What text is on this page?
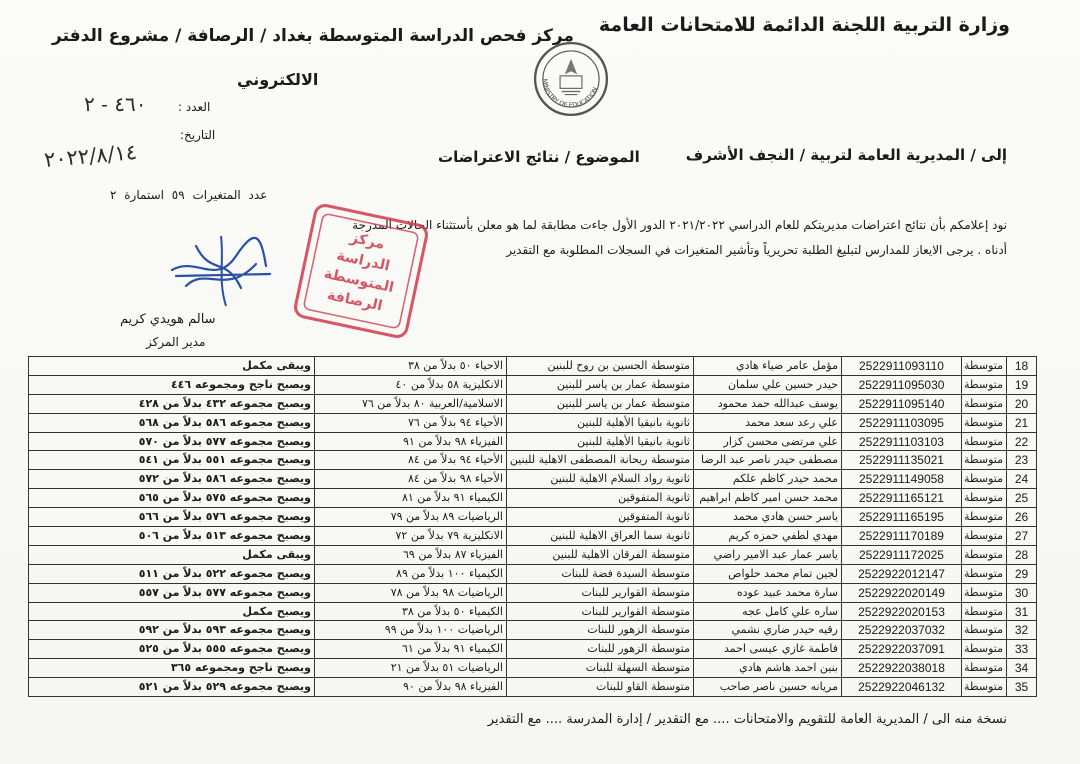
وزارة التربية اللجنة الدائمة للامتحانات العامة
مركز فحص الدراسة المتوسطة بغداد / الرصافة / مشروع الدفتر
الالكتروني	MINISTRY OF EDUCATION
العدد :
٤٦٠ - ٢
التاريخ:
٢٠٢٢/٨/١٤	إلى / المديرية العامة لتربية / النجف الأشرف
الموضوع / نتائج الاعتراضات
عدد المتغيرات ٥٩ استمارة ٢
نود إعلامكم بأن نتائج اعتراضات مديريتكم للعام الدراسي ٢٠٢١/٢٠٢٢ الدور الأول جاءت مطابقة لما هو معلن بأستثناء الحالات المدرجة
أدناه . يرجى الايعاز للمدارس لتبليغ الطلبة تحريرياً وتأشير المتغيرات في السجلات المطلوبة مع التقدير
مركز الدراسة المتوسطة الرصافة
سالم هويدي كريم
مدير المركز
18	متوسطة	2522911093110	مؤمل عامر ضياء هادي	متوسطة الحسين بن روح للبنين	الاحياء ٥٠ بدلاً من ٣٨	ويبقى مكمل
19	متوسطة	2522911095030	حيدر حسين علي سلمان	متوسطة عمار بن ياسر للبنين	الانكليزية ٥٨ بدلاً من ٤٠	ويصبح ناجح ومجموعه ٤٤٦
20	متوسطة	2522911095140	يوسف عبدالله حمد محمود	متوسطة عمار بن ياسر للبنين	الاسلامية/العربية ٨٠ بدلاً من ٧٦	ويصبح مجموعه ٤٣٢ بدلاً من ٤٢٨
21	متوسطة	2522911103095	علي رعد سعد محمد	ثانوية بانيقيا الأهلية للبنين	الأحياء ٩٤ بدلاً من ٧٦	ويصبح مجموعه ٥٨٦ بدلاً من ٥٦٨
22	متوسطة	2522911103103	علي مرتضى محسن كزار	ثانوية بانيقيا الأهلية للبنين	الفيزياء ٩٨ بدلاً من ٩١	ويصبح مجموعه ٥٧٧ بدلاً من ٥٧٠
23	متوسطة	2522911135021	مصطفى حيدر ناصر عبد الرضا	متوسطة ريحانة المصطفى الاهلية للبنين	الأحياء ٩٤ بدلاً من ٨٤	ويصبح مجموعه ٥٥١ بدلاً من ٥٤١
24	متوسطة	2522911149058	محمد حيدر كاظم علكم	ثانوية رواد السلام الاهلية للبنين	الأحياء ٩٨ بدلاً من ٨٤	ويصبح مجموعه ٥٨٦ بدلاً من ٥٧٢
25	متوسطة	2522911165121	محمد حسن امير كاظم ابراهيم	ثانوية المتفوقين	الكيمياء ٩١ بدلاً من ٨١	ويصبح مجموعه ٥٧٥ بدلاً من ٥٦٥
26	متوسطة	2522911165195	ياسر حسن هادي محمد	ثانوية المتفوقين	الرياضيات ٨٩ بدلاً من ٧٩	ويصبح مجموعه ٥٧٦ بدلاً من ٥٦٦
27	متوسطة	2522911170189	مهدي لطفي حمزه كريم	ثانوية سما العراق الاهلية للبنين	الانكليزية ٧٩ بدلاً من ٧٢	ويصبح مجموعه ٥١٣ بدلاً من ٥٠٦
28	متوسطة	2522911172025	ياسر عمار عبد الامير راضي	متوسطة الفرقان الاهلية للبنين	الفيزياء ٨٧ بدلاً من ٦٩	ويبقى مكمل
29	متوسطة	2522922012147	لجين تمام محمد حلواص	متوسطة السيدة فضة للبنات	الكيمياء ١٠٠ بدلاً من ٨٩	ويصبح مجموعه ٥٢٢ بدلاً من ٥١١
30	متوسطة	2522922020149	سارة محمد عبيد عوده	متوسطة القوارير للبنات	الرياضيات ٩٨ بدلاً من ٧٨	ويصبح مجموعه ٥٧٧ بدلاً من ٥٥٧
31	متوسطة	2522922020153	ساره علي كامل عجه	متوسطة القوارير للبنات	الكيمياء ٥٠ بدلاً من ٣٨	ويصبح مكمل
32	متوسطة	2522922037032	رقيه حيدر ضاري نشمي	متوسطة الزهور للبنات	الرياضيات ١٠٠ بدلاً من ٩٩	ويصبح مجموعه ٥٩٣ بدلاً من ٥٩٢
33	متوسطة	2522922037091	فاطمة غازي عيسى احمد	متوسطة الزهور للبنات	الكيمياء ٩١ بدلاً من ٦١	ويصبح مجموعه ٥٥٥ بدلاً من ٥٢٥
34	متوسطة	2522922038018	بنين احمد هاشم هادي	متوسطة السهلة للبنات	الرياضيات ٥١ بدلاً من ٢١	ويصبح ناجح ومجموعه ٣٦٥
35	متوسطة	2522922046132	مريانه حسين ناصر صاحب	متوسطة القاو للبنات	الفيزياء ٩٨ بدلاً من ٩٠	ويصبح مجموعه ٥٢٩ بدلاً من ٥٢١
نسخة منه الى / المديرية العامة للتقويم والامتحانات .... مع التقدير / إدارة المدرسة .... مع التقدير
